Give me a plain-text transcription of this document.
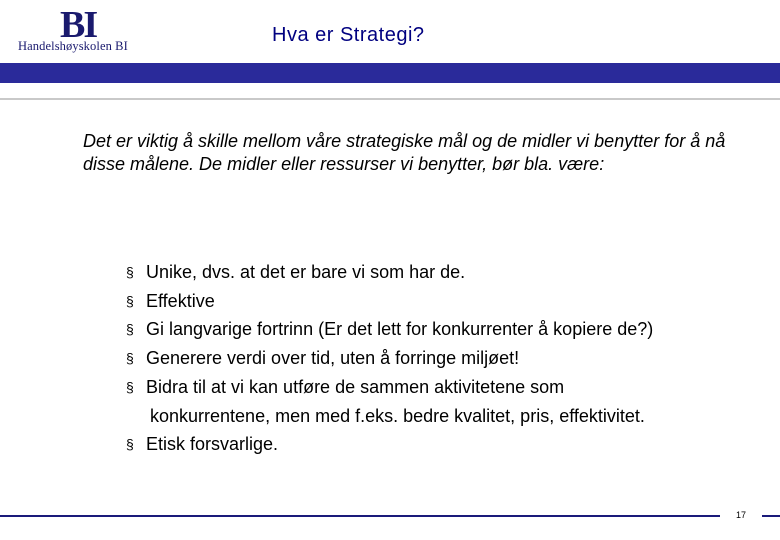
BI
Handelshøyskolen BI	Hva er Strategi?

Det er viktig å skille mellom våre strategiske mål og de midler vi benytter for å nå disse målene. De midler eller ressurser vi benytter, bør bla. være:

§ Unike, dvs. at det er bare vi som har de.
§ Effektive
§ Gi langvarige fortrinn (Er det lett for konkurrenter å kopiere de?)
§ Generere verdi over tid, uten å forringe miljøet!
§ Bidra til at vi kan utføre de sammen aktivitetene som
konkurrentene, men med f.eks. bedre kvalitet, pris, effektivitet.
§ Etisk forsvarlige.
17
